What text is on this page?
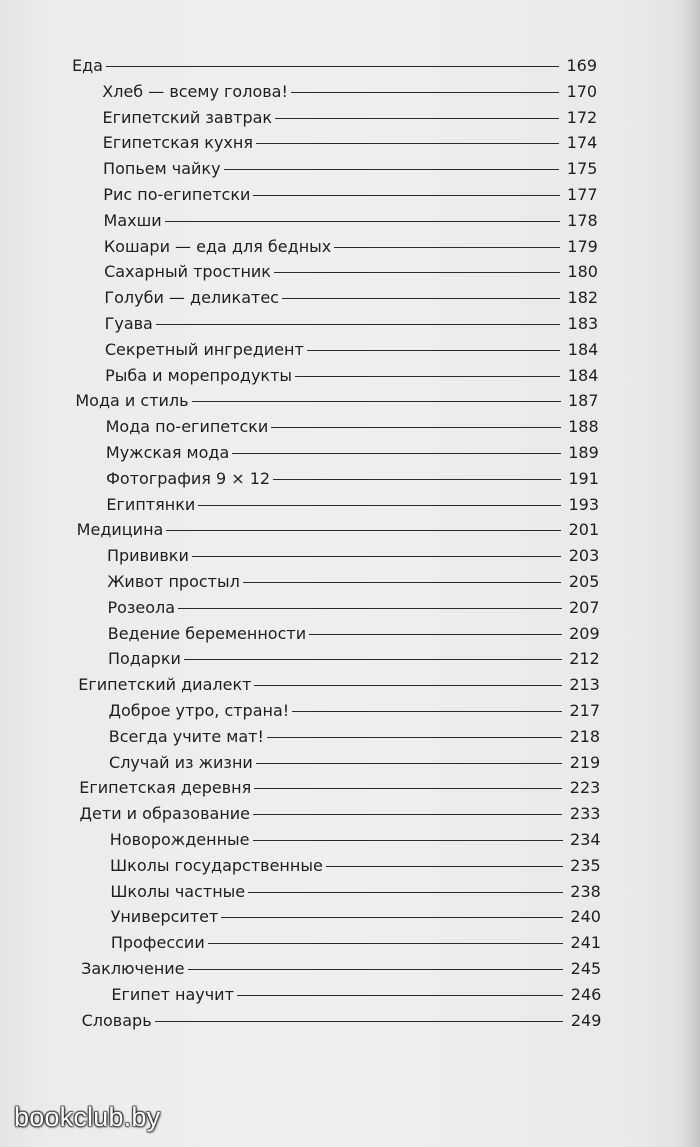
Еда	169
Хлеб — всему голова!	170
Египетский завтрак	172
Египетская кухня	174
Попьем чайку	175
Рис по-египетски	177
Махши	178
Кошари — еда для бедных	179
Сахарный тростник	180
Голуби — деликатес	182
Гуава	183
Секретный ингредиент	184
Рыба и морепродукты	184
Мода и стиль	187
Мода по-египетски	188
Мужская мода	189
Фотография 9 × 12	191
Египтянки	193
Медицина	201
Прививки	203
Живот простыл	205
Розеола	207
Ведение беременности	209
Подарки	212
Египетский диалект	213
Доброе утро, страна!	217
Всегда учите мат!	218
Случай из жизни	219
Египетская деревня	223
Дети и образование	233
Новорожденные	234
Школы государственные	235
Школы частные	238
Университет	240
Профессии	241
Заключение	245
Египет научит	246
Словарь	249
bookclub.by
